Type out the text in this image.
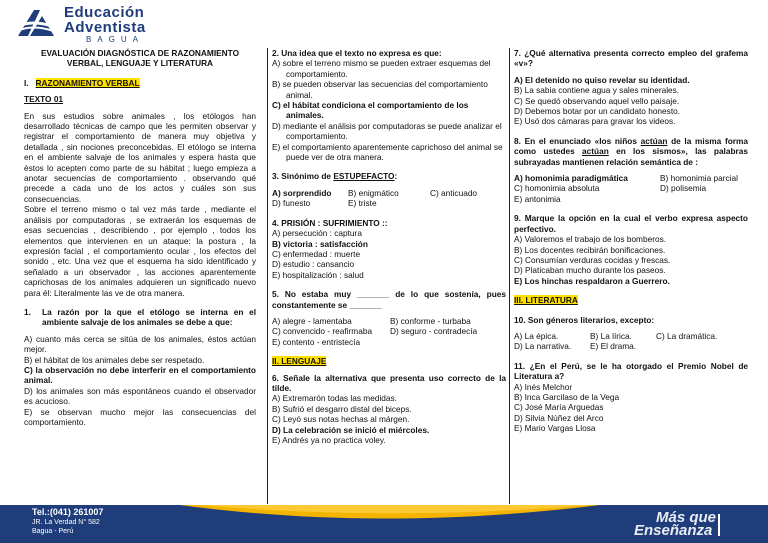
Educación
Adventista
BAGUA
EVALUACIÓN DIAGNÓSTICA DE RAZONAMIENTO
VERBAL, LENGUAJE Y LITERATURA
I. RAZONAMIENTO VERBAL
TEXTO 01
En sus estudios sobre animales , los etólogos han desarrollado técnicas de campo que les permiten observar y registrar el comportamiento de manera muy objetiva y detallada , sin nociones preconcebidas. El etólogo se interna en el ambiente salvaje de los animales y espera hasta que éstos lo acepten como parte de su hábitat ; luego empieza a anotar secuencias de comportamiento . observando qué precede a cada uno de los actos y cuáles son sus consecuencias.
Sobre el terreno mismo o tal vez más tarde , mediante el análisis por computadoras , se extraerán los esquemas de esas secuencias , describiendo , por ejemplo , todos los elementos que intervienen en un ataque: la postura , la expresión facial , el comportamiento ocular , los efectos del sonido , etc. Una vez que el esquema ha sido identificado y señalado a un observador , las acciones aparentemente caprichosas de los animales adquieren un significado nuevo para él: Literalmente las ve de otra manera.
1.	La razón por la que el etólogo se interna en el ambiente salvaje de los animales se debe a que:
A) cuanto más cerca se sitúa de los animales, éstos actúan mejor.
B) el hábitat de los animales debe ser respetado.
C) la observación no debe interferir en el comportamiento animal.
D) los animales son más espontáneos cuando el observador es acucioso.
E) se observan mucho mejor las consecuencias del comportamiento.
2. Una idea que el texto no expresa es que:
A) sobre el terreno mismo se pueden extraer esquemas del comportamiento.
B) se pueden observar las secuencias del comportamiento animal.
C) el hábitat condiciona el comportamiento de los animales.
D) mediante el análisis por computadoras se puede analizar el comportamiento.
E) el comportamiento aparentemente caprichoso del animal se puede ver de otra manera.
3. Sinónimo de ESTUPEFACTO:
A) sorprendido	B) enigmático	C) anticuado
D) funesto	E) triste
4. PRISIÓN : SUFRIMIENTO ::
A) persecución : captura
B) victoria : satisfacción
C) enfermedad : muerte
D) estudio : cansancio
E) hospitalización : salud
5. No estaba muy _______ de lo que sostenía, pues constantemente se _______
A) alegre - lamentaba	B) conforme - turbaba
C) convencido - reafirmaba	D) seguro - contradecía
E) contento - entristecía
II. LENGUAJE
6. Señale la alternativa que presenta uso correcto de la tilde.
A) Extremarón todas las medidas.
B) Sufrió el desgarro distal del biceps.
C) Leyó sus notas hechas al márgen.
D) La celebración se inició el miércoles.
E) Andrés ya no practica voley.
7. ¿Qué alternativa presenta correcto empleo del grafema «v»?
A) El detenido no quiso revelar su identidad.
B) La sabia contiene agua y sales minerales.
C) Se quedó observando aquel vello paisaje.
D) Debemos botar por un candidato honesto.
E) Usó dos cámaras para gravar los videos.
8. En el enunciado «los niños actúan de la misma forma como ustedes actúan en los sismos», las palabras subrayadas mantienen relación semántica de :
A) homonimia paradigmática	B) homonimia parcial
C) homonimia absoluta	D) polisemia
E) antonimia
9. Marque la opción en la cual el verbo expresa aspecto perfectivo.
A) Valoremos el trabajo de los bomberos.
B) Los docentes recibirán bonificaciones.
C) Consumían verduras cocidas y frescas.
D) Platicaban mucho durante los paseos.
E) Los hinchas respaldaron a Guerrero.
III. LITERATURA
10. Son géneros literarios, excepto:
A) La épica.	B) La lírica.	C) La dramática.
D) La narrativa.	E) El drama.
11. ¿En el Perú, se le ha otorgado el Premio Nobel de Literatura a?
A) Inés Melchor
B) Inca Garcilaso de la Vega
C) José María Arguedas
D) Silvia Núñez del Arco
E) Mario Vargas Llosa
Tel.:(041) 261007
JR. La Verdad N° 582
Bagua - Perú
Más que
Enseñanza
